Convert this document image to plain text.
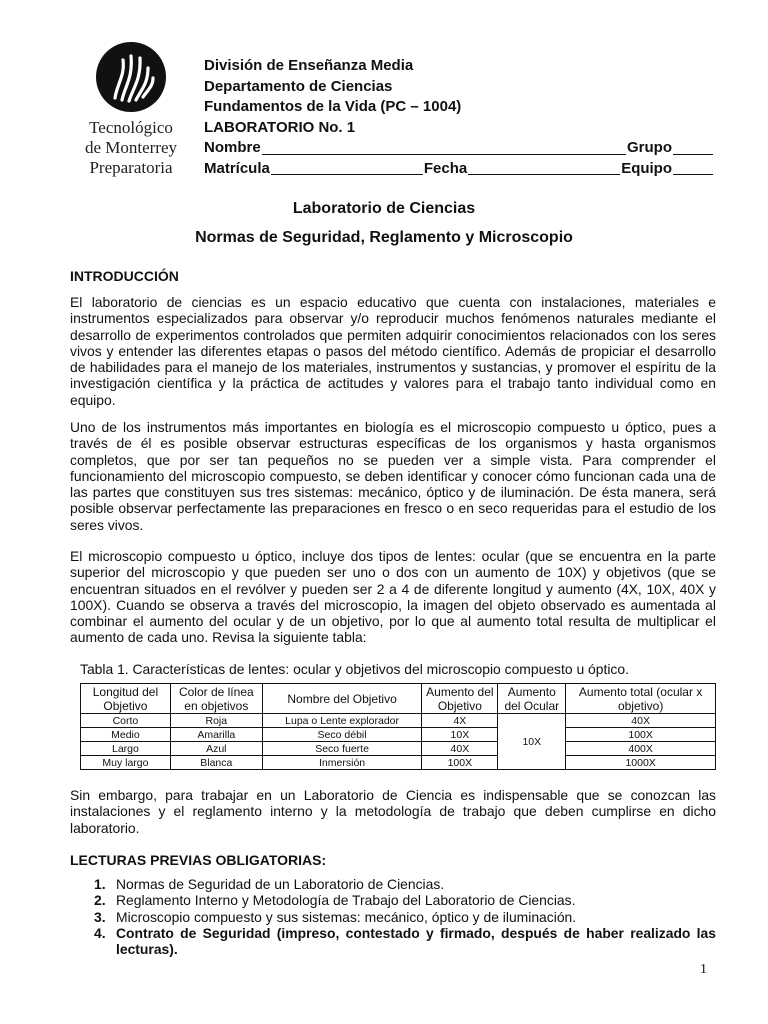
Tecnológico
de Monterrey
Preparatoria
División de Enseñanza Media
Departamento de Ciencias
Fundamentos de la Vida (PC – 1004)
LABORATORIO No. 1
Nombre	Grupo
Matrícula	Fecha	Equipo
Laboratorio de Ciencias
Normas de Seguridad, Reglamento y Microscopio
INTRODUCCIÓN
El laboratorio de ciencias es un espacio educativo que cuenta con instalaciones, materiales e instrumentos especializados para observar y/o reproducir muchos fenómenos naturales mediante el desarrollo de experimentos controlados que permiten adquirir conocimientos relacionados con los seres vivos y entender las diferentes etapas o pasos del método científico. Además de propiciar el desarrollo de habilidades para el manejo de los materiales, instrumentos y sustancias, y promover el espíritu de la investigación científica y la práctica de actitudes y valores para el trabajo tanto individual como en equipo.
Uno de los instrumentos más importantes en biología es el microscopio compuesto u óptico, pues a través de él es posible observar estructuras específicas de los organismos y hasta organismos completos, que por ser tan pequeños no se pueden ver a simple vista. Para comprender el funcionamiento del microscopio compuesto, se deben identificar y conocer cómo funcionan cada una de las partes que constituyen sus tres sistemas: mecánico, óptico y de iluminación. De ésta manera, será posible observar perfectamente las preparaciones en fresco o en seco requeridas para el estudio de los seres vivos.
El microscopio compuesto u óptico, incluye dos tipos de lentes: ocular (que se encuentra en la parte superior del microscopio y que pueden ser uno o dos con un aumento de 10X) y objetivos (que se encuentran situados en el revólver y pueden ser 2 a 4 de diferente longitud y aumento (4X, 10X, 40X y 100X). Cuando se observa a través del microscopio, la imagen del objeto observado es aumentada al combinar el aumento del ocular y de un objetivo, por lo que al aumento total resulta de multiplicar el aumento de cada uno. Revisa la siguiente tabla:
Tabla 1. Características de lentes: ocular y objetivos del microscopio compuesto u óptico.
Longitud del Objetivo	Color de línea en objetivos	Nombre del Objetivo	Aumento del Objetivo	Aumento del Ocular	Aumento total (ocular x objetivo)
Corto	Roja	Lupa o Lente explorador	4X	10X	40X
Medio	Amarilla	Seco débil	10X		100X
Largo	Azul	Seco fuerte	40X		400X
Muy largo	Blanca	Inmersión	100X		1000X
Sin embargo, para trabajar en un Laboratorio de Ciencia es indispensable que se conozcan las instalaciones y el reglamento interno y la metodología de trabajo que deben cumplirse en dicho laboratorio.
LECTURAS PREVIAS OBLIGATORIAS:
1. Normas de Seguridad de un Laboratorio de Ciencias.
2. Reglamento Interno y Metodología de Trabajo del Laboratorio de Ciencias.
3. Microscopio compuesto y sus sistemas: mecánico, óptico y de iluminación.
4. Contrato de Seguridad (impreso, contestado y firmado, después de haber realizado las lecturas).
1
